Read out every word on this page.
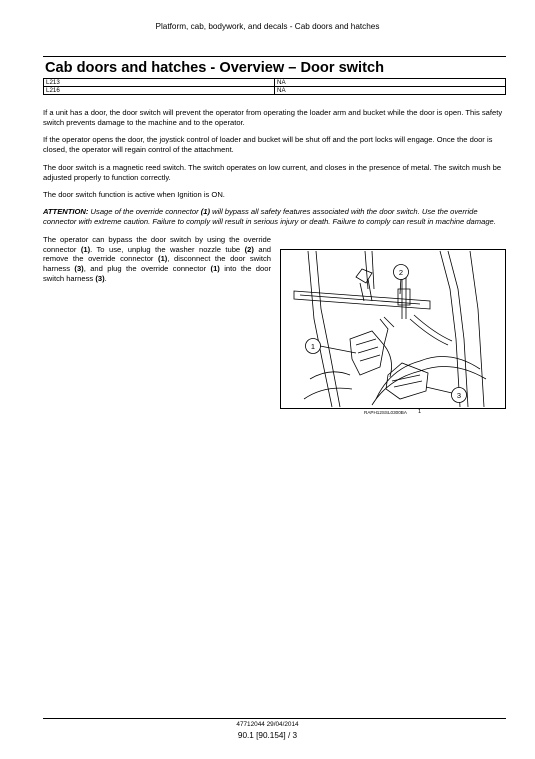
Platform, cab, bodywork, and decals - Cab doors and hatches
Cab doors and hatches - Overview – Door switch
L213	NA
L216	NA

If a unit has a door, the door switch will prevent the operator from operating the loader arm and bucket while the door is open. This safety switch prevents damage to the machine and to the operator.

If the operator opens the door, the joystick control of loader and bucket will be shut off and the port locks will engage. Once the door is closed, the operator will regain control of the attachment.

The door switch is a magnetic reed switch. The switch operates on low current, and closes in the presence of metal. The switch mush be adjusted properly to function correctly.

The door switch function is active when Ignition is ON.

ATTENTION: Usage of the override connector (1) will bypass all safety features associated with the door switch. Use the override connector with extreme caution. Failure to comply will result in serious injury or death. Failure to comply can result in machine damage.

The operator can bypass the door switch by using the override connector (1). To use, unplug the washer nozzle tube (2) and remove the override connector (1), disconnect the door switch harness (3), and plug the override connector (1) into the door switch harness (3).
1
2
3
RAPH12SSL0300BA 1
47712044 29/04/2014
90.1 [90.154] / 3
